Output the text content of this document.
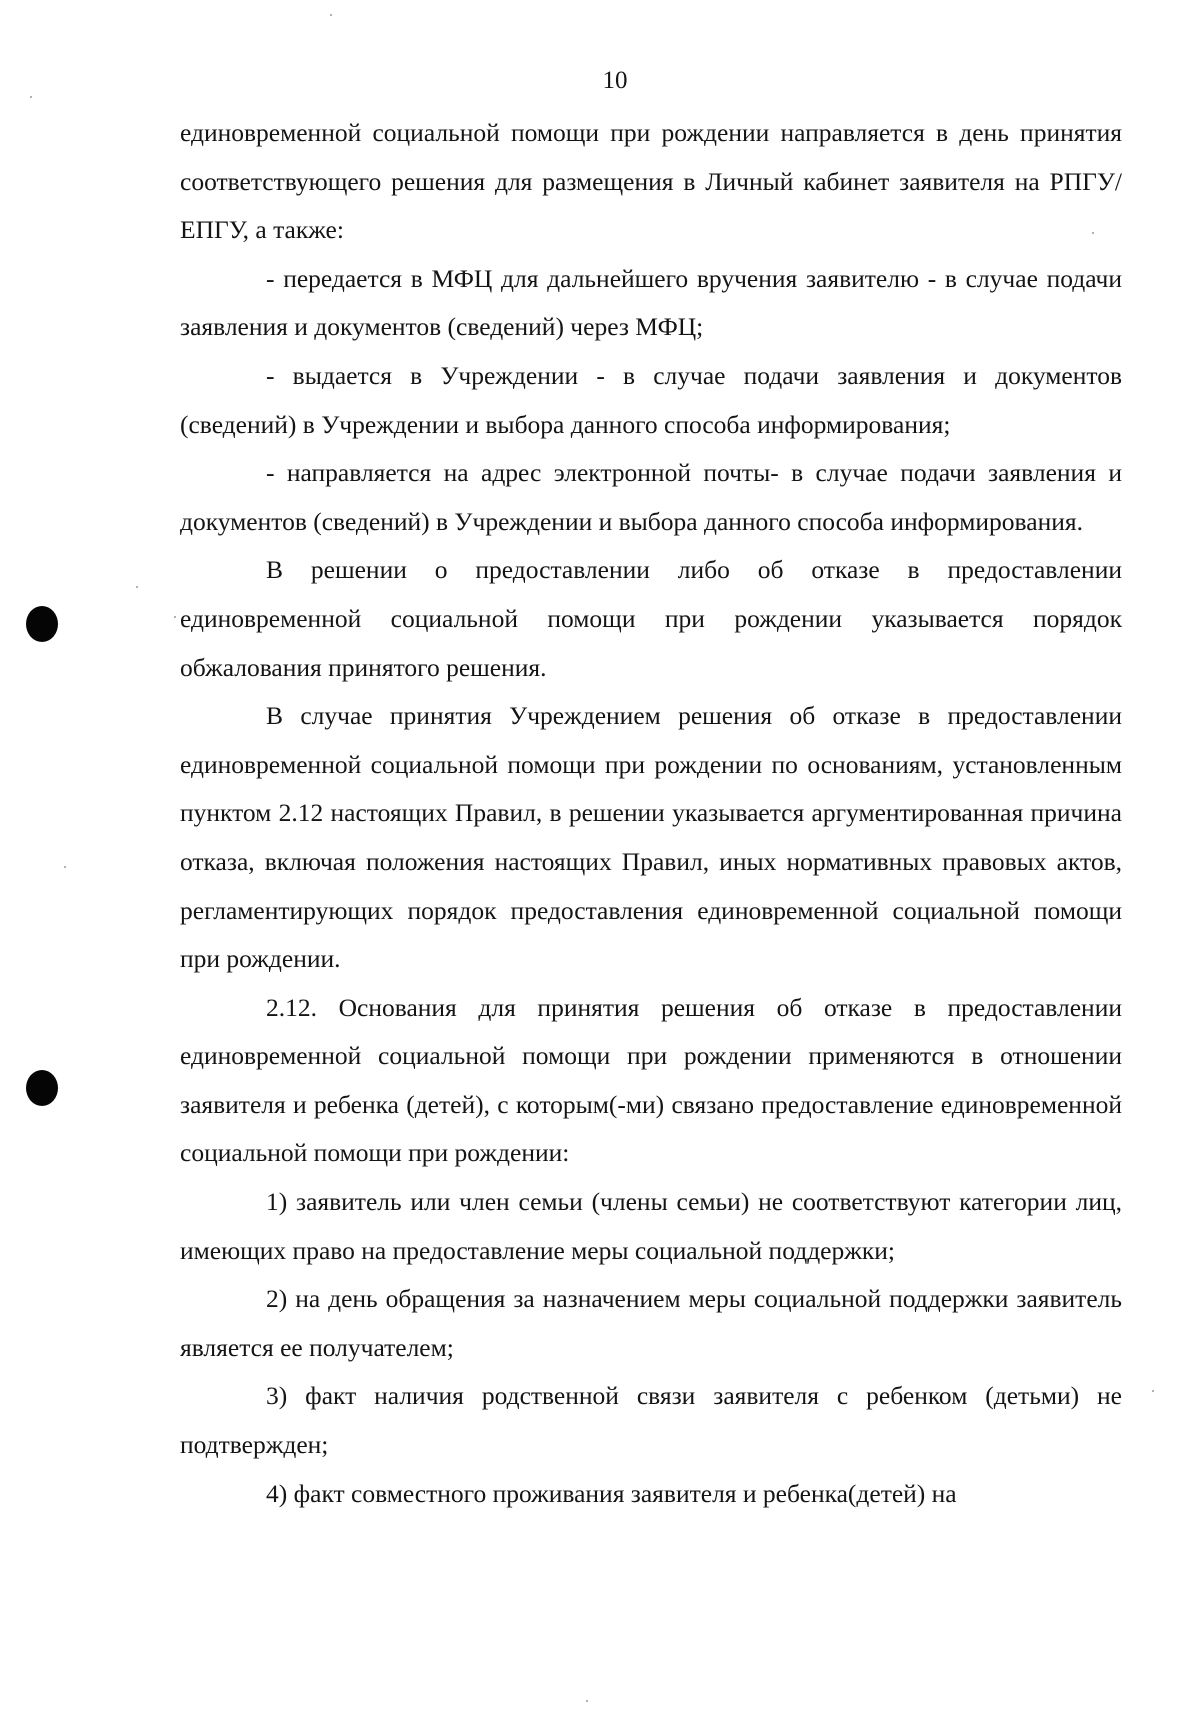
10

единовременной социальной помощи при рождении направляется в день принятия соответствующего решения для размещения в Личный кабинет заявителя на РПГУ/ЕПГУ, а также:

- передается в МФЦ для дальнейшего вручения заявителю - в случае подачи заявления и документов (сведений) через МФЦ;

- выдается в Учреждении - в случае подачи заявления и документов (сведений) в Учреждении и выбора данного способа информирования;

- направляется на адрес электронной почты- в случае подачи заявления и документов (сведений) в Учреждении и выбора данного способа информирования.

В решении о предоставлении либо об отказе в предоставлении единовременной социальной помощи при рождении указывается порядок обжалования принятого решения.

В случае принятия Учреждением решения об отказе в предоставлении единовременной социальной помощи при рождении по основаниям, установленным пунктом 2.12 настоящих Правил, в решении указывается аргументированная причина отказа, включая положения настоящих Правил, иных нормативных правовых актов, регламентирующих порядок предоставления единовременной социальной помощи при рождении.

2.12. Основания для принятия решения об отказе в предоставлении единовременной социальной помощи при рождении применяются в отношении заявителя и ребенка (детей), с которым(-ми) связано предоставление единовременной социальной помощи при рождении:

1) заявитель или член семьи (члены семьи) не соответствуют категории лиц, имеющих право на предоставление меры социальной поддержки;

2) на день обращения за назначением меры социальной поддержки заявитель является ее получателем;

3) факт наличия родственной связи заявителя с ребенком (детьми) не подтвержден;

4) факт совместного проживания заявителя и ребенка(детей) на
